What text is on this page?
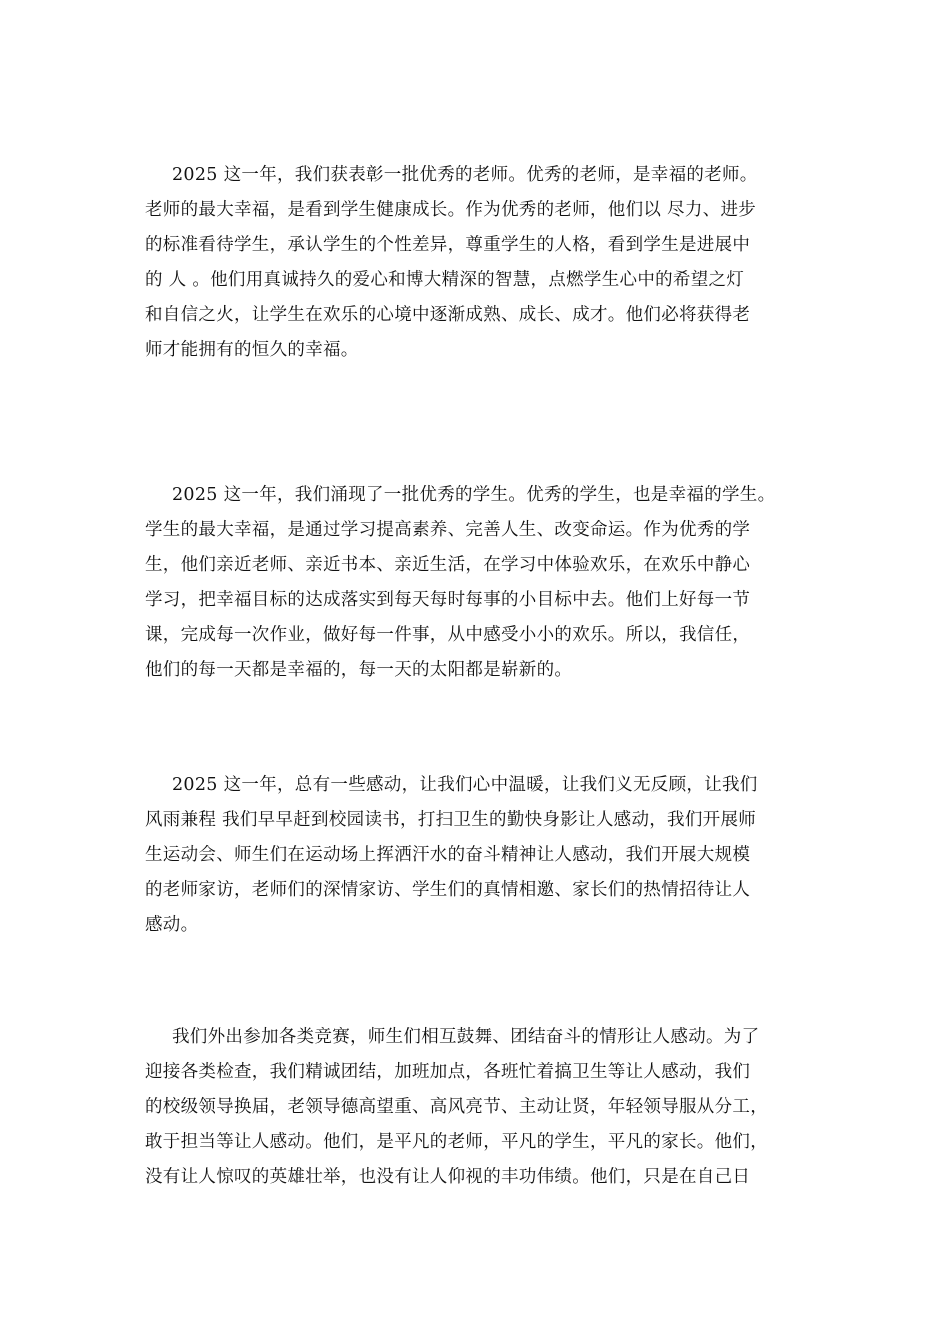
2025 这一年，我们获表彰一批优秀的老师。优秀的老师，是幸福的老师。
老师的最大幸福，是看到学生健康成长。作为优秀的老师，他们以 尽力、进步
的标准看待学生，承认学生的个性差异，尊重学生的人格，看到学生是进展中
的 人 。他们用真诚持久的爱心和博大精深的智慧，点燃学生心中的希望之灯
和自信之火，让学生在欢乐的心境中逐渐成熟、成长、成才。他们必将获得老
师才能拥有的恒久的幸福。
2025 这一年，我们涌现了一批优秀的学生。优秀的学生，也是幸福的学生。
学生的最大幸福，是通过学习提高素养、完善人生、改变命运。作为优秀的学
生，他们亲近老师、亲近书本、亲近生活，在学习中体验欢乐，在欢乐中静心
学习，把幸福目标的达成落实到每天每时每事的小目标中去。他们上好每一节
课，完成每一次作业，做好每一件事，从中感受小小的欢乐。所以，我信任，
他们的每一天都是幸福的，每一天的太阳都是崭新的。
2025 这一年，总有一些感动，让我们心中温暖，让我们义无反顾，让我们
风雨兼程 我们早早赶到校园读书，打扫卫生的勤快身影让人感动，我们开展师
生运动会、师生们在运动场上挥洒汗水的奋斗精神让人感动，我们开展大规模
的老师家访，老师们的深情家访、学生们的真情相邀、家长们的热情招待让人
感动。
我们外出参加各类竞赛，师生们相互鼓舞、团结奋斗的情形让人感动。为了
迎接各类检查，我们精诚团结，加班加点，各班忙着搞卫生等让人感动，我们
的校级领导换届，老领导德高望重、高风亮节、主动让贤，年轻领导服从分工，
敢于担当等让人感动。他们，是平凡的老师，平凡的学生，平凡的家长。他们，
没有让人惊叹的英雄壮举，也没有让人仰视的丰功伟绩。他们，只是在自己日
